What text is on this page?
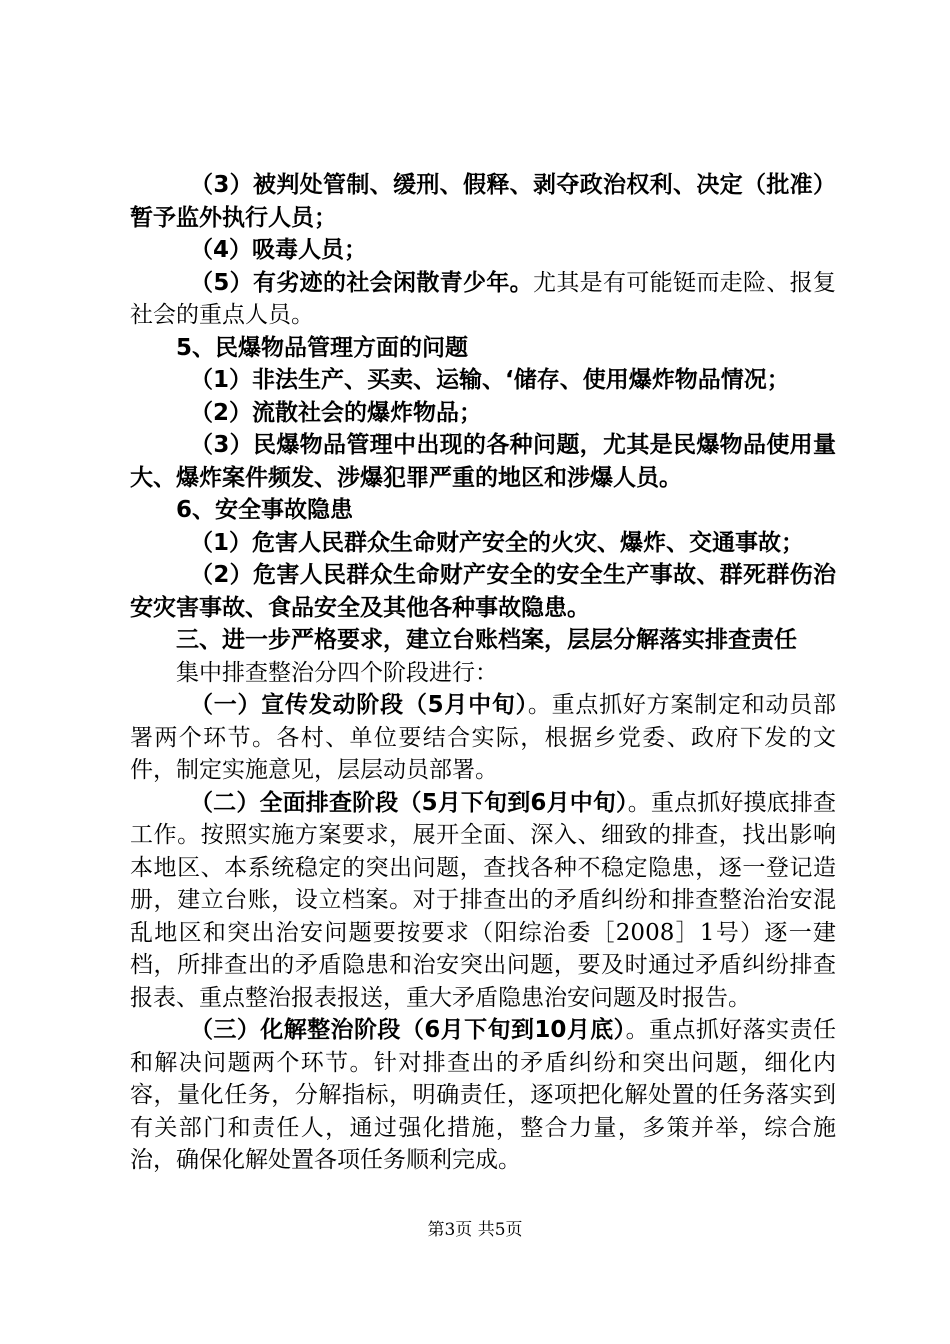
（3）被判处管制、缓刑、假释、剥夺政治权利、决定（批准）暂予监外执行人员；

（4）吸毒人员；

（5）有劣迹的社会闲散青少年。尤其是有可能铤而走险、报复社会的重点人员。

5、民爆物品管理方面的问题

（1）非法生产、买卖、运输、‘储存、使用爆炸物品情况；

（2）流散社会的爆炸物品；

（3）民爆物品管理中出现的各种问题，尤其是民爆物品使用量大、爆炸案件频发、涉爆犯罪严重的地区和涉爆人员。

6、安全事故隐患

（1）危害人民群众生命财产安全的火灾、爆炸、交通事故；

（2）危害人民群众生命财产安全的安全生产事故、群死群伤治安灾害事故、食品安全及其他各种事故隐患。

三、进一步严格要求，建立台账档案，层层分解落实排查责任

集中排查整治分四个阶段进行：

（一）宣传发动阶段（5月中旬）。重点抓好方案制定和动员部署两个环节。各村、单位要结合实际，根据乡党委、政府下发的文件，制定实施意见，层层动员部署。

（二）全面排查阶段（5月下旬到6月中旬）。重点抓好摸底排查工作。按照实施方案要求，展开全面、深入、细致的排查，找出影响本地区、本系统稳定的突出问题，查找各种不稳定隐患，逐一登记造册，建立台账，设立档案。对于排查出的矛盾纠纷和排查整治治安混乱地区和突出治安问题要按要求（阳综治委［2008］1号）逐一建档，所排查出的矛盾隐患和治安突出问题，要及时通过矛盾纠纷排查报表、重点整治报表报送，重大矛盾隐患治安问题及时报告。

（三）化解整治阶段（6月下旬到10月底）。重点抓好落实责任和解决问题两个环节。针对排查出的矛盾纠纷和突出问题，细化内容，量化任务，分解指标，明确责任，逐项把化解处置的任务落实到有关部门和责任人，通过强化措施，整合力量，多策并举，综合施治，确保化解处置各项任务顺利完成。

第3页 共5页
